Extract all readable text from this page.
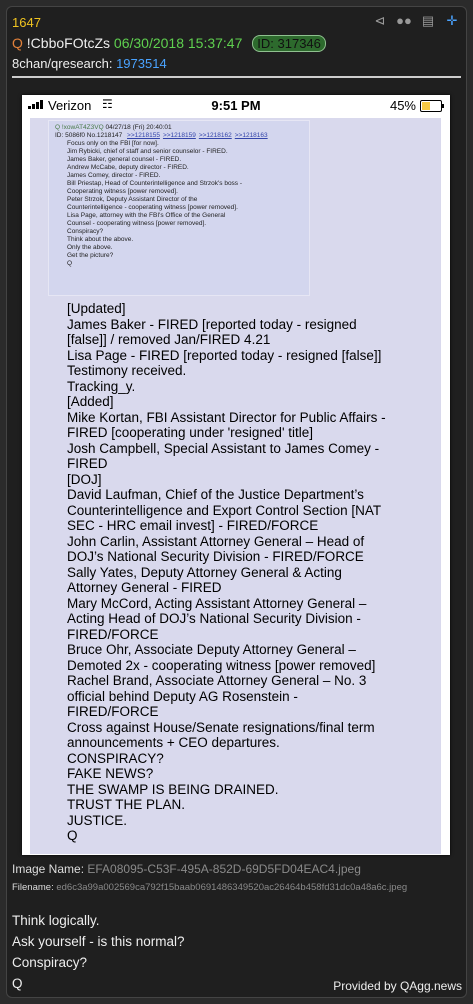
1647	⊲ ●● ▤ ✛
Q !CbboFOtcZs 06/30/2018 15:37:47 ID: 317346
8chan/qresearch: 1973514
Verizon ☶	9:51 PM	45%
Q !xowAT4Z3VQ 04/27/18 (Fri) 20:40:01
ID: 5086f0 No.1218147 >>1218155 >>1218159 >>1218162 >>1218163
Focus only on the FBI [for now].
Jim Rybicki, chief of staff and senior counselor - FIRED.
James Baker, general counsel - FIRED.
Andrew McCabe, deputy director - FIRED.
James Comey, director - FIRED.
Bill Priestap, Head of Counterintelligence and Strzok's boss -
Cooperating witness [power removed].
Peter Strzok, Deputy Assistant Director of the
Counterintelligence - cooperating witness [power removed].
Lisa Page, attorney with the FBI's Office of the General
Counsel - cooperating witness [power removed].
Conspiracy?
Think about the above.
Only the above.
Get the picture?
Q
[Updated]
James Baker - FIRED [reported today - resigned
[false]] / removed Jan/FIRED 4.21
Lisa Page - FIRED [reported today - resigned [false]]
Testimony received.
Tracking_y.
[Added]
Mike Kortan, FBI Assistant Director for Public Affairs -
FIRED [cooperating under 'resigned' title]
Josh Campbell, Special Assistant to James Comey -
FIRED
[DOJ]
David Laufman, Chief of the Justice Department’s
Counterintelligence and Export Control Section [NAT
SEC - HRC email invest] - FIRED/FORCE
John Carlin, Assistant Attorney General – Head of
DOJ’s National Security Division - FIRED/FORCE
Sally Yates, Deputy Attorney General & Acting
Attorney General - FIRED
Mary McCord, Acting Assistant Attorney General –
Acting Head of DOJ’s National Security Division -
FIRED/FORCE
Bruce Ohr, Associate Deputy Attorney General –
Demoted 2x - cooperating witness [power removed]
Rachel Brand, Associate Attorney General – No. 3
official behind Deputy AG Rosenstein -
FIRED/FORCE
Cross against House/Senate resignations/final term
announcements + CEO departures.
CONSPIRACY?
FAKE NEWS?
THE SWAMP IS BEING DRAINED.
TRUST THE PLAN.
JUSTICE.
Q
Image Name: EFA08095-C53F-495A-852D-69D5FD04EAC4.jpeg
Filename: ed6c3a99a002569ca792f15baab0691486349520ac26464b458fd31dc0a48a6c.jpeg
Think logically.
Ask yourself - is this normal?
Conspiracy?
Q	Provided by QAgg.news
